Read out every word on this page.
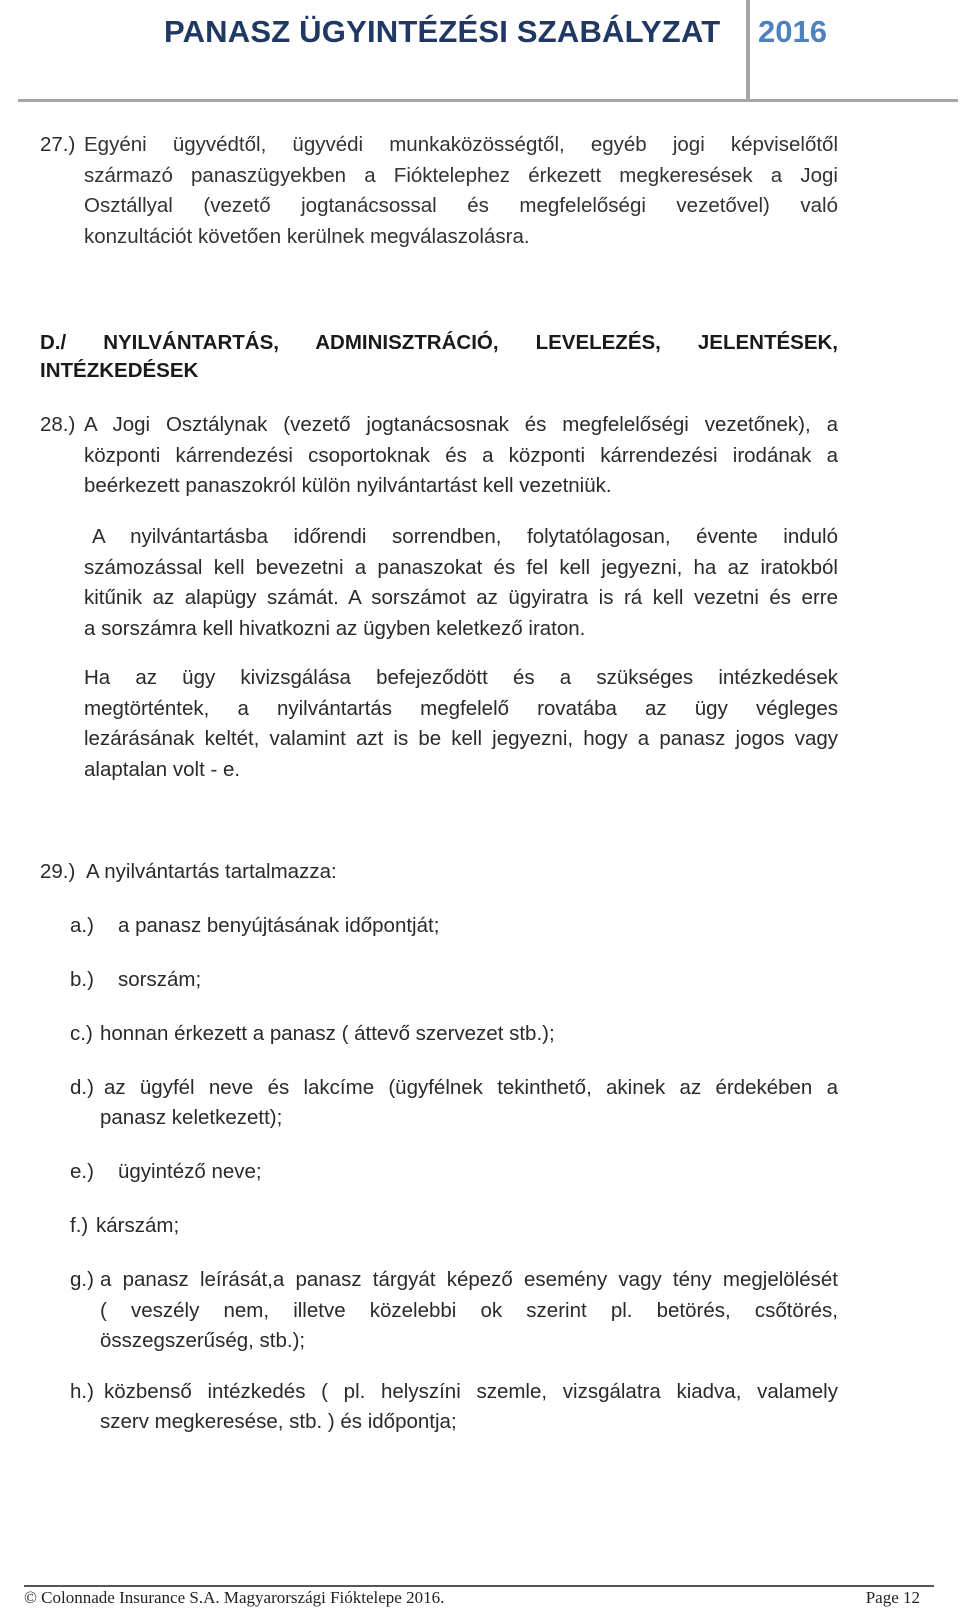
PANASZ ÜGYINTÉZÉSI SZABÁLYZAT 2016
27.) Egyéni ügyvédtől, ügyvédi munkaközösségtől, egyéb jogi képviselőtől
származó panaszügyekben a Fióktelephez érkezett megkeresések a Jogi
Osztállyal (vezető jogtanácsossal és megfelelőségi vezetővel) való
konzultációt követően kerülnek megválaszolásra.
D./ NYILVÁNTARTÁS, ADMINISZTRÁCIÓ, LEVELEZÉS, JELENTÉSEK,
INTÉZKEDÉSEK
28.) A Jogi Osztálynak (vezető jogtanácsosnak és megfelelőségi vezetőnek), a
központi kárrendezési csoportoknak és a központi kárrendezési irodának a
beérkezett panaszokról külön nyilvántartást kell vezetniük.
A nyilvántartásba időrendi sorrendben, folytatólagosan, évente induló
számozással kell bevezetni a panaszokat és fel kell jegyezni, ha az iratokból
kitűnik az alapügy számát. A sorszámot az ügyiratra is rá kell vezetni és erre
a sorszámra kell hivatkozni az ügyben keletkező iraton.
Ha az ügy kivizsgálása befejeződött és a szükséges intézkedések
megtörténtek, a nyilvántartás megfelelő rovatába az ügy végleges
lezárásának keltét, valamint azt is be kell jegyezni, hogy a panasz jogos vagy
alaptalan volt - e.
29.) A nyilvántartás tartalmazza:
a.) a panasz benyújtásának időpontját;
b.) sorszám;
c.) honnan érkezett a panasz ( áttevő szervezet stb.);
d.) az ügyfél neve és lakcíme (ügyfélnek tekinthető, akinek az érdekében a
panasz keletkezett);
e.) ügyintéző neve;
f.) kárszám;
g.) a panasz leírását,a panasz tárgyát képező esemény vagy tény megjelölését
( veszély nem, illetve közelebbi ok szerint pl. betörés, csőtörés,
összegszerűség, stb.);
h.) közbenső intézkedés ( pl. helyszíni szemle, vizsgálatra kiadva, valamely
szerv megkeresése, stb. ) és időpontja;
© Colonnade Insurance S.A. Magyarországi Fióktelepe 2016.	Page 12
